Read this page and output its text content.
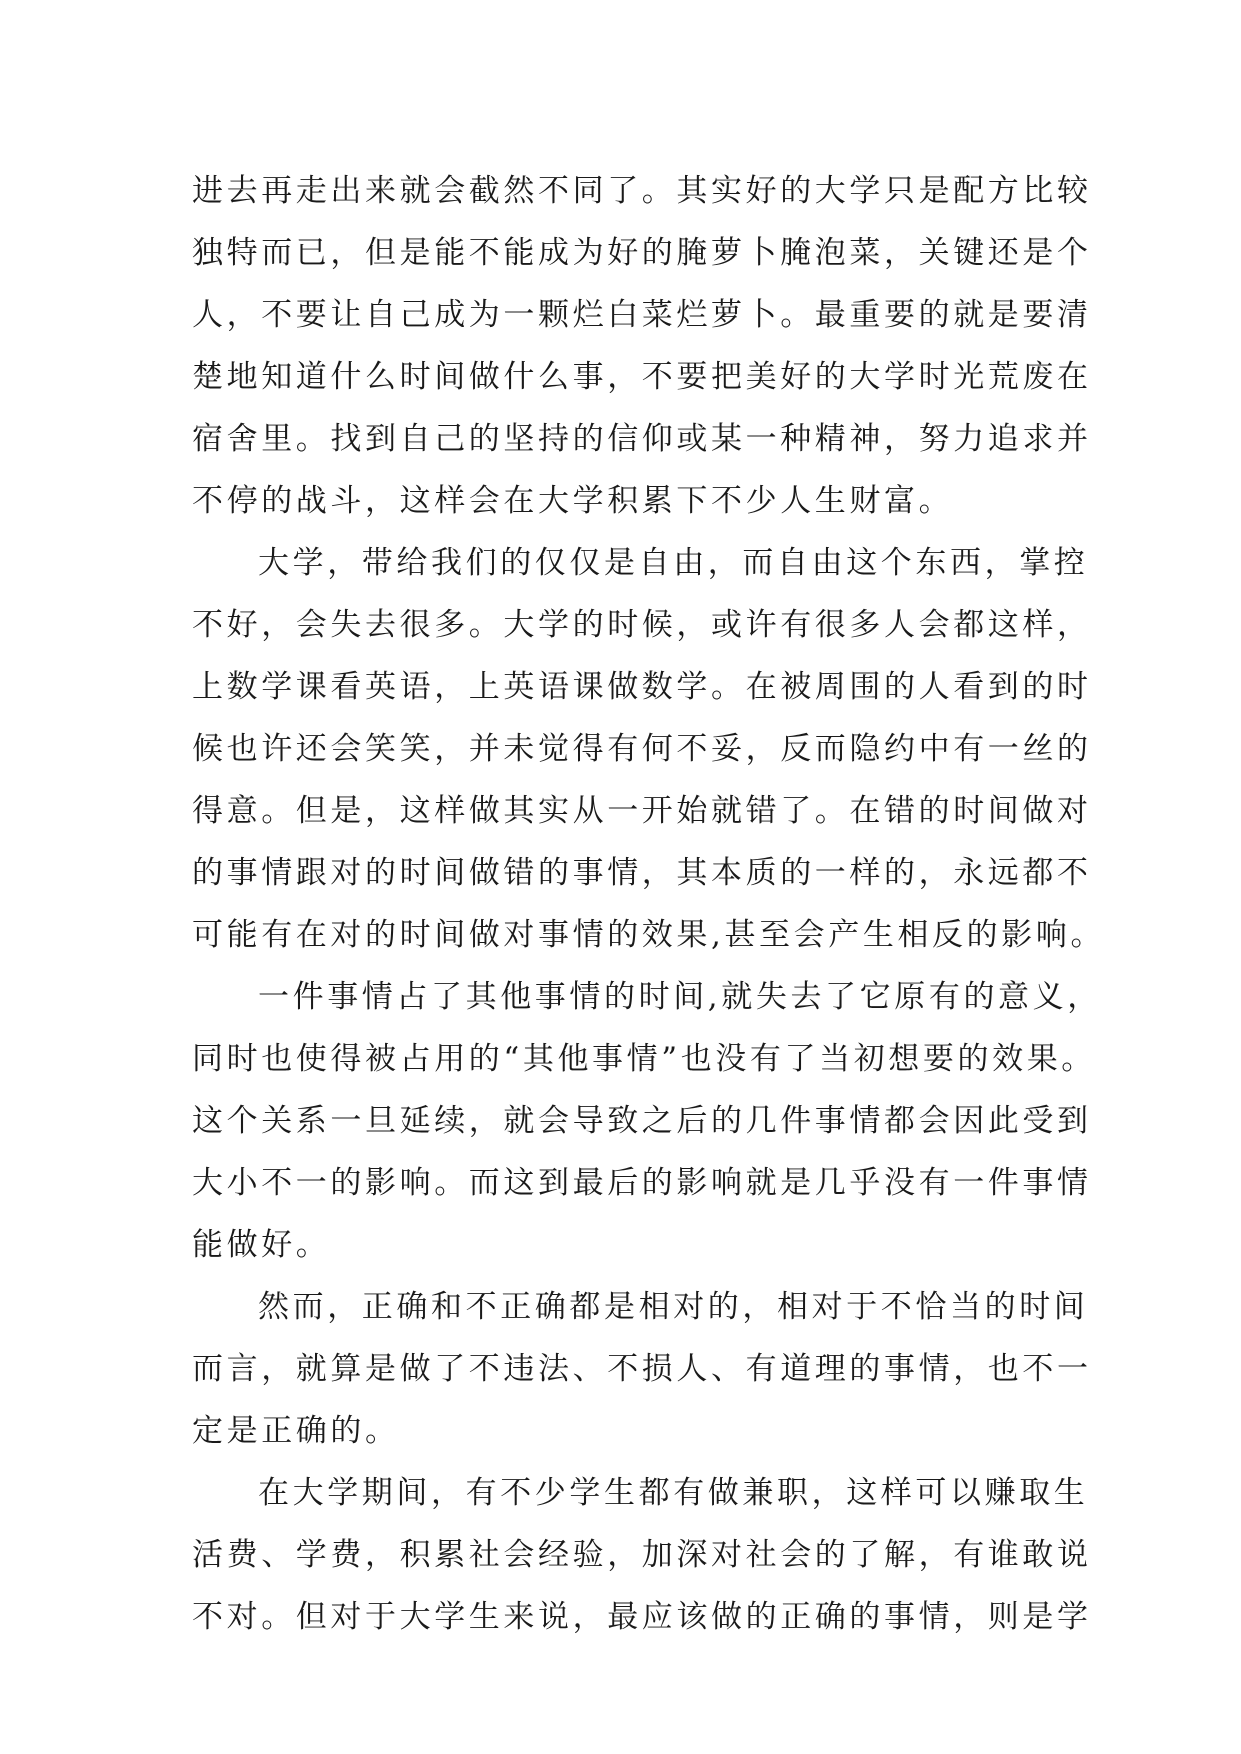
进去再走出来就会截然不同了。其实好的大学只是配方比较
独特而已，但是能不能成为好的腌萝卜腌泡菜，关键还是个
人，不要让自己成为一颗烂白菜烂萝卜。最重要的就是要清
楚地知道什么时间做什么事，不要把美好的大学时光荒废在
宿舍里。找到自己的坚持的信仰或某一种精神，努力追求并
不停的战斗，这样会在大学积累下不少人生财富。

大学，带给我们的仅仅是自由，而自由这个东西，掌控
不好，会失去很多。大学的时候，或许有很多人会都这样，
上数学课看英语，上英语课做数学。在被周围的人看到的时
候也许还会笑笑，并未觉得有何不妥，反而隐约中有一丝的
得意。但是，这样做其实从一开始就错了。在错的时间做对
的事情跟对的时间做错的事情，其本质的一样的，永远都不
可能有在对的时间做对事情的效果,甚至会产生相反的影响。

一件事情占了其他事情的时间,就失去了它原有的意义，
同时也使得被占用的“其他事情”也没有了当初想要的效果。
这个关系一旦延续，就会导致之后的几件事情都会因此受到
大小不一的影响。而这到最后的影响就是几乎没有一件事情
能做好。

然而，正确和不正确都是相对的，相对于不恰当的时间
而言，就算是做了不违法、不损人、有道理的事情，也不一
定是正确的。

在大学期间，有不少学生都有做兼职，这样可以赚取生
活费、学费，积累社会经验，加深对社会的了解，有谁敢说
不对。但对于大学生来说，最应该做的正确的事情，则是学
